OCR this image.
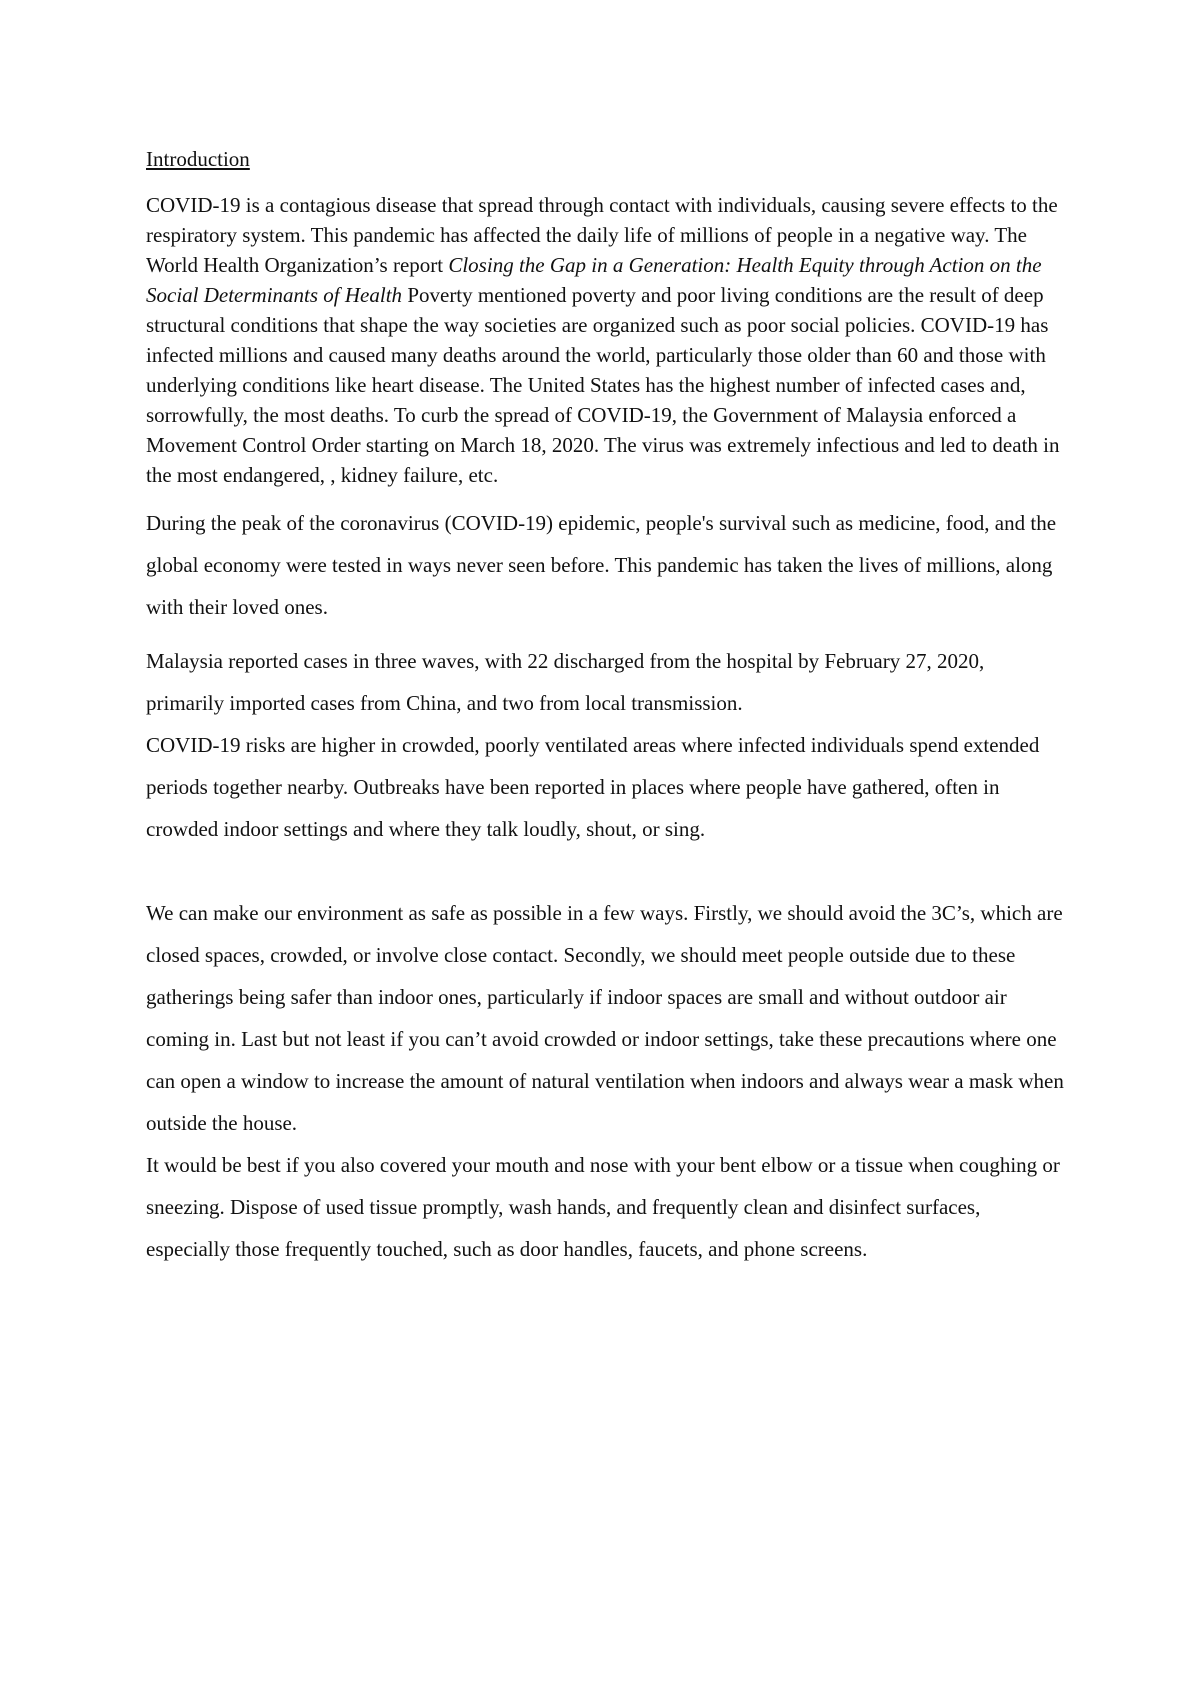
Introduction

COVID-19 is a contagious disease that spread through contact with individuals, causing severe effects to the respiratory system. This pandemic has affected the daily life of millions of people in a negative way. The World Health Organization’s report Closing the Gap in a Generation: Health Equity through Action on the Social Determinants of Health Poverty mentioned poverty and poor living conditions are the result of deep structural conditions that shape the way societies are organized such as poor social policies. COVID-19 has infected millions and caused many deaths around the world, particularly those older than 60 and those with underlying conditions like heart disease. The United States has the highest number of infected cases and, sorrowfully, the most deaths. To curb the spread of COVID-19, the Government of Malaysia enforced a Movement Control Order starting on March 18, 2020. The virus was extremely infectious and led to death in the most endangered, , kidney failure, etc.

During the peak of the coronavirus (COVID-19) epidemic, people's survival such as medicine, food, and the global economy were tested in ways never seen before. This pandemic has taken the lives of millions, along with their loved ones.

Malaysia reported cases in three waves, with 22 discharged from the hospital by February 27, 2020, primarily imported cases from China, and two from local transmission.

COVID-19 risks are higher in crowded, poorly ventilated areas where infected individuals spend extended periods together nearby. Outbreaks have been reported in places where people have gathered, often in crowded indoor settings and where they talk loudly, shout, or sing.

We can make our environment as safe as possible in a few ways. Firstly, we should avoid the 3C’s, which are closed spaces, crowded, or involve close contact. Secondly, we should meet people outside due to these gatherings being safer than indoor ones, particularly if indoor spaces are small and without outdoor air coming in. Last but not least if you can’t avoid crowded or indoor settings, take these precautions where one can open a window to increase the amount of natural ventilation when indoors and always wear a mask when outside the house.

It would be best if you also covered your mouth and nose with your bent elbow or a tissue when coughing or sneezing. Dispose of used tissue promptly, wash hands, and frequently clean and disinfect surfaces, especially those frequently touched, such as door handles, faucets, and phone screens.
